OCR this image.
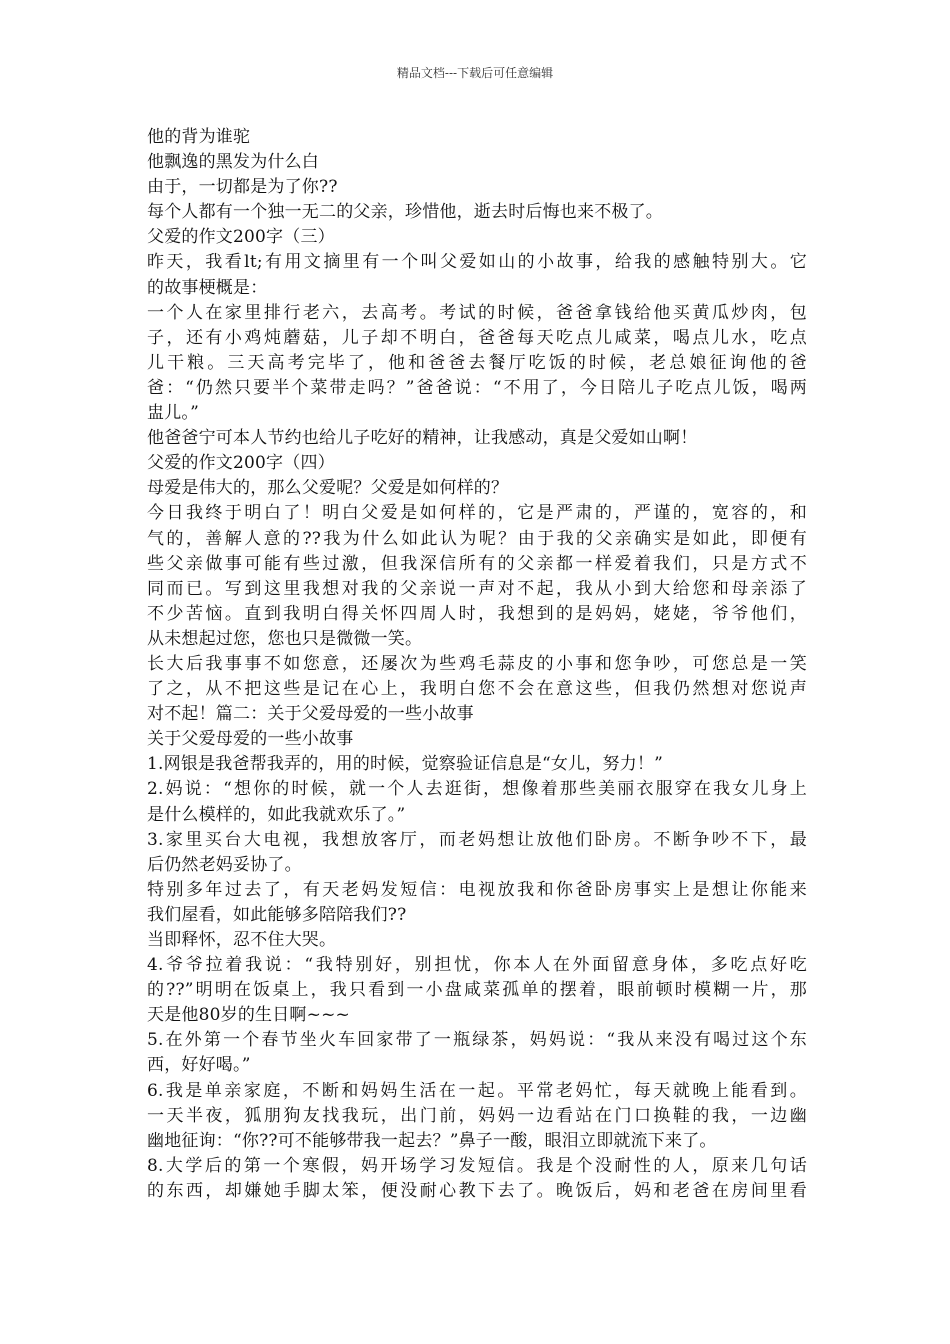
精品文档---下载后可任意编辑
他的背为谁驼
他飘逸的黑发为什么白
由于，一切都是为了你??
每个人都有一个独一无二的父亲，珍惜他，逝去时后悔也来不极了。
父爱的作文200字（三）
昨天，我看lt;有用文摘里有一个叫父爱如山的小故事，给我的感触特别大。它
的故事梗概是：
一个人在家里排行老六，去高考。考试的时候，爸爸拿钱给他买黄瓜炒肉，包
子，还有小鸡炖蘑菇，儿子却不明白，爸爸每天吃点儿咸菜，喝点儿水，吃点
儿干粮。三天高考完毕了，他和爸爸去餐厅吃饭的时候，老总娘征询他的爸
爸：“仍然只要半个菜带走吗？”爸爸说：“不用了，今日陪儿子吃点儿饭，喝两
盅儿。”
他爸爸宁可本人节约也给儿子吃好的精神，让我感动，真是父爱如山啊！
父爱的作文200字（四）
母爱是伟大的，那么父爱呢？父爱是如何样的？
今日我终于明白了！明白父爱是如何样的，它是严肃的，严谨的，宽容的，和
气的，善解人意的??我为什么如此认为呢？由于我的父亲确实是如此，即便有
些父亲做事可能有些过激，但我深信所有的父亲都一样爱着我们，只是方式不
同而已。写到这里我想对我的父亲说一声对不起，我从小到大给您和母亲添了
不少苦恼。直到我明白得关怀四周人时，我想到的是妈妈，姥姥，爷爷他们，
从未想起过您，您也只是微微一笑。
长大后我事事不如您意，还屡次为些鸡毛蒜皮的小事和您争吵，可您总是一笑
了之，从不把这些是记在心上，我明白您不会在意这些，但我仍然想对您说声
对不起！篇二：关于父爱母爱的一些小故事
关于父爱母爱的一些小故事
1.网银是我爸帮我弄的，用的时候，觉察验证信息是“女儿，努力！”
2.妈说：“想你的时候，就一个人去逛街，想像着那些美丽衣服穿在我女儿身上
是什么模样的，如此我就欢乐了。”
3.家里买台大电视，我想放客厅，而老妈想让放他们卧房。不断争吵不下，最
后仍然老妈妥协了。
特别多年过去了，有天老妈发短信：电视放我和你爸卧房事实上是想让你能来
我们屋看，如此能够多陪陪我们??
当即释怀，忍不住大哭。
4.爷爷拉着我说：“我特别好，别担忧，你本人在外面留意身体，多吃点好吃
的??”明明在饭桌上，我只看到一小盘咸菜孤单的摆着，眼前顿时模糊一片，那
天是他80岁的生日啊~~~
5.在外第一个春节坐火车回家带了一瓶绿茶，妈妈说：“我从来没有喝过这个东
西，好好喝。”
6.我是单亲家庭，不断和妈妈生活在一起。平常老妈忙，每天就晚上能看到。
一天半夜，狐朋狗友找我玩，出门前，妈妈一边看站在门口换鞋的我，一边幽
幽地征询：“你??可不能够带我一起去？”鼻子一酸，眼泪立即就流下来了。
8.大学后的第一个寒假，妈开场学习发短信。我是个没耐性的人，原来几句话
的东西，却嫌她手脚太笨，便没耐心教下去了。晚饭后，妈和老爸在房间里看
